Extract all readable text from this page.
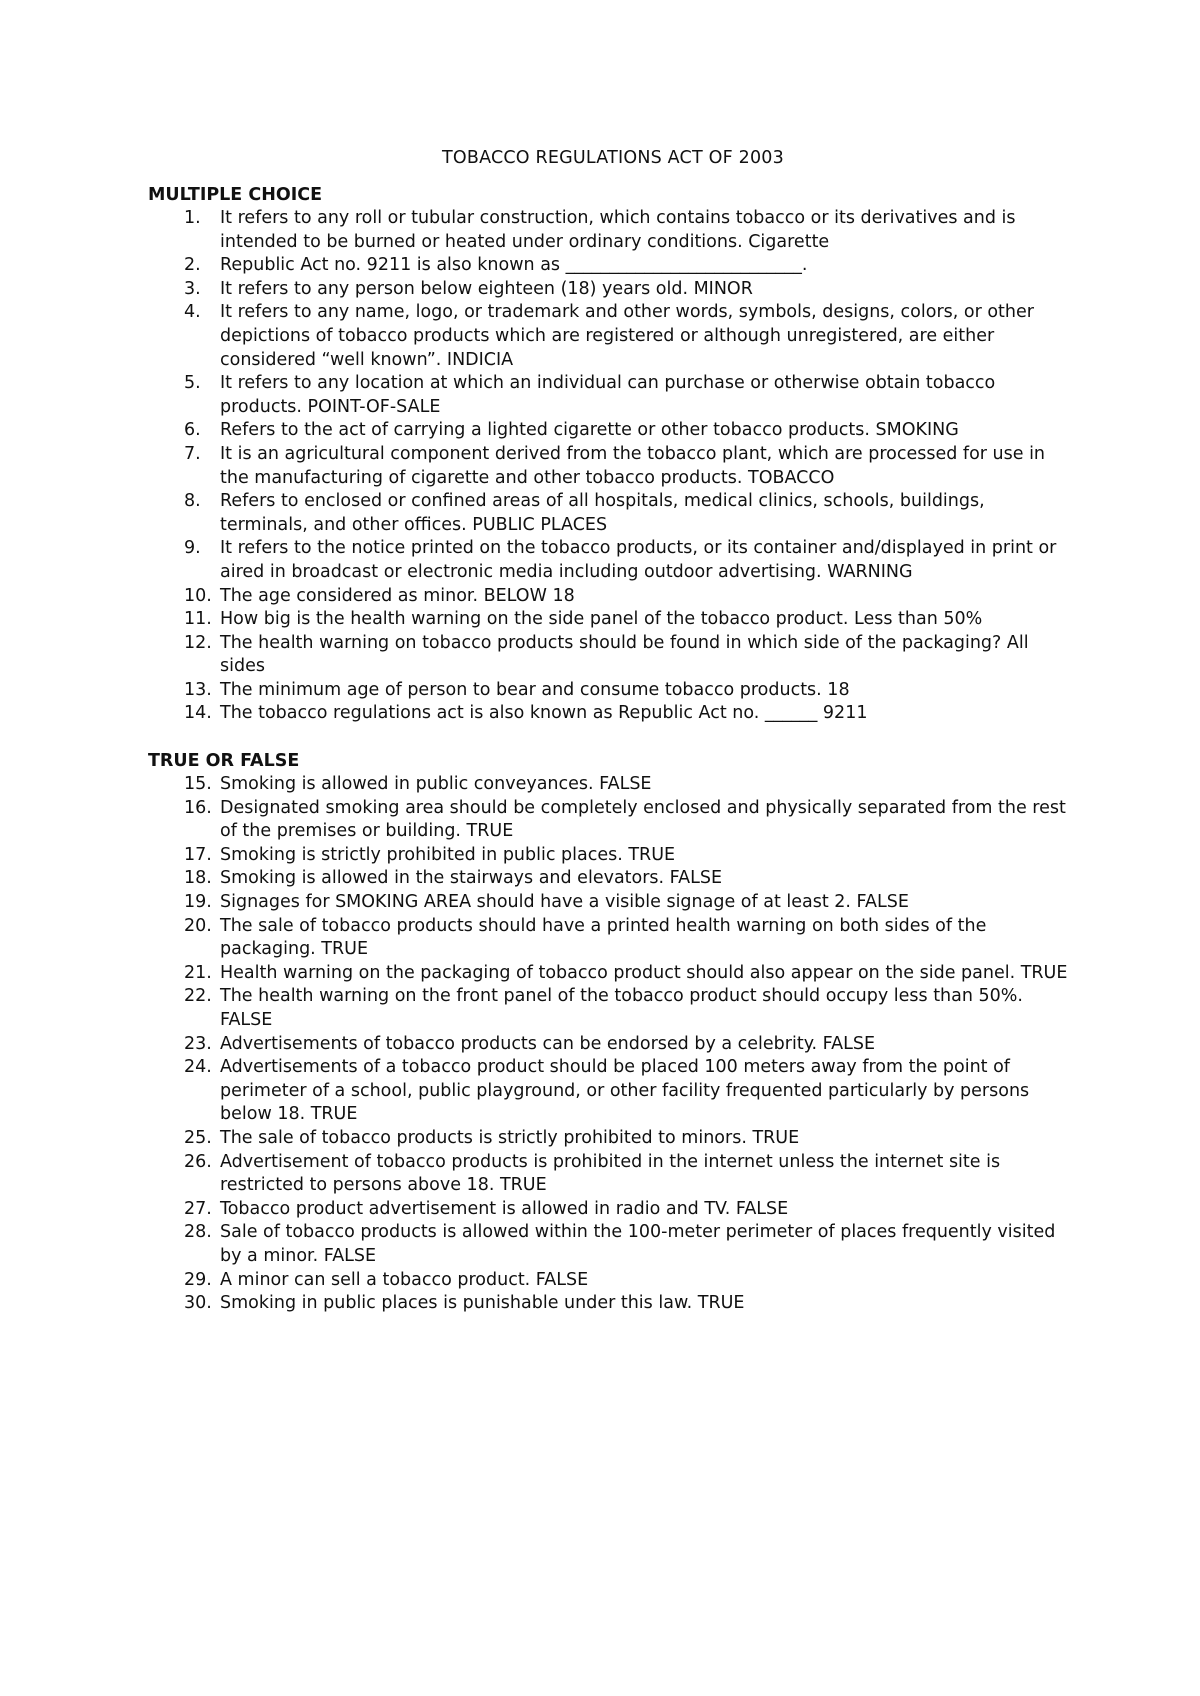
TOBACCO REGULATIONS ACT OF 2003
MULTIPLE CHOICE
1. It refers to any roll or tubular construction, which contains tobacco or its derivatives and is intended to be burned or heated under ordinary conditions. Cigarette
2. Republic Act no. 9211 is also known as ___________________________.
3. It refers to any person below eighteen (18) years old. MINOR
4. It refers to any name, logo, or trademark and other words, symbols, designs, colors, or other depictions of tobacco products which are registered or although unregistered, are either considered “well known”. INDICIA
5. It refers to any location at which an individual can purchase or otherwise obtain tobacco products. POINT-OF-SALE
6. Refers to the act of carrying a lighted cigarette or other tobacco products. SMOKING
7. It is an agricultural component derived from the tobacco plant, which are processed for use in the manufacturing of cigarette and other tobacco products. TOBACCO
8. Refers to enclosed or confined areas of all hospitals, medical clinics, schools, buildings, terminals, and other offices. PUBLIC PLACES
9. It refers to the notice printed on the tobacco products, or its container and/displayed in print or aired in broadcast or electronic media including outdoor advertising. WARNING
10. The age considered as minor. BELOW 18
11. How big is the health warning on the side panel of the tobacco product. Less than 50%
12. The health warning on tobacco products should be found in which side of the packaging? All sides
13. The minimum age of person to bear and consume tobacco products. 18
14. The tobacco regulations act is also known as Republic Act no. ______ 9211
TRUE OR FALSE
15. Smoking is allowed in public conveyances. FALSE
16. Designated smoking area should be completely enclosed and physically separated from the rest of the premises or building. TRUE
17. Smoking is strictly prohibited in public places. TRUE
18. Smoking is allowed in the stairways and elevators. FALSE
19. Signages for SMOKING AREA should have a visible signage of at least 2. FALSE
20. The sale of tobacco products should have a printed health warning on both sides of the packaging. TRUE
21. Health warning on the packaging of tobacco product should also appear on the side panel. TRUE
22. The health warning on the front panel of the tobacco product should occupy less than 50%. FALSE
23. Advertisements of tobacco products can be endorsed by a celebrity. FALSE
24. Advertisements of a tobacco product should be placed 100 meters away from the point of perimeter of a school, public playground, or other facility frequented particularly by persons below 18. TRUE
25. The sale of tobacco products is strictly prohibited to minors. TRUE
26. Advertisement of tobacco products is prohibited in the internet unless the internet site is restricted to persons above 18. TRUE
27. Tobacco product advertisement is allowed in radio and TV. FALSE
28. Sale of tobacco products is allowed within the 100-meter perimeter of places frequently visited by a minor. FALSE
29. A minor can sell a tobacco product. FALSE
30. Smoking in public places is punishable under this law. TRUE
